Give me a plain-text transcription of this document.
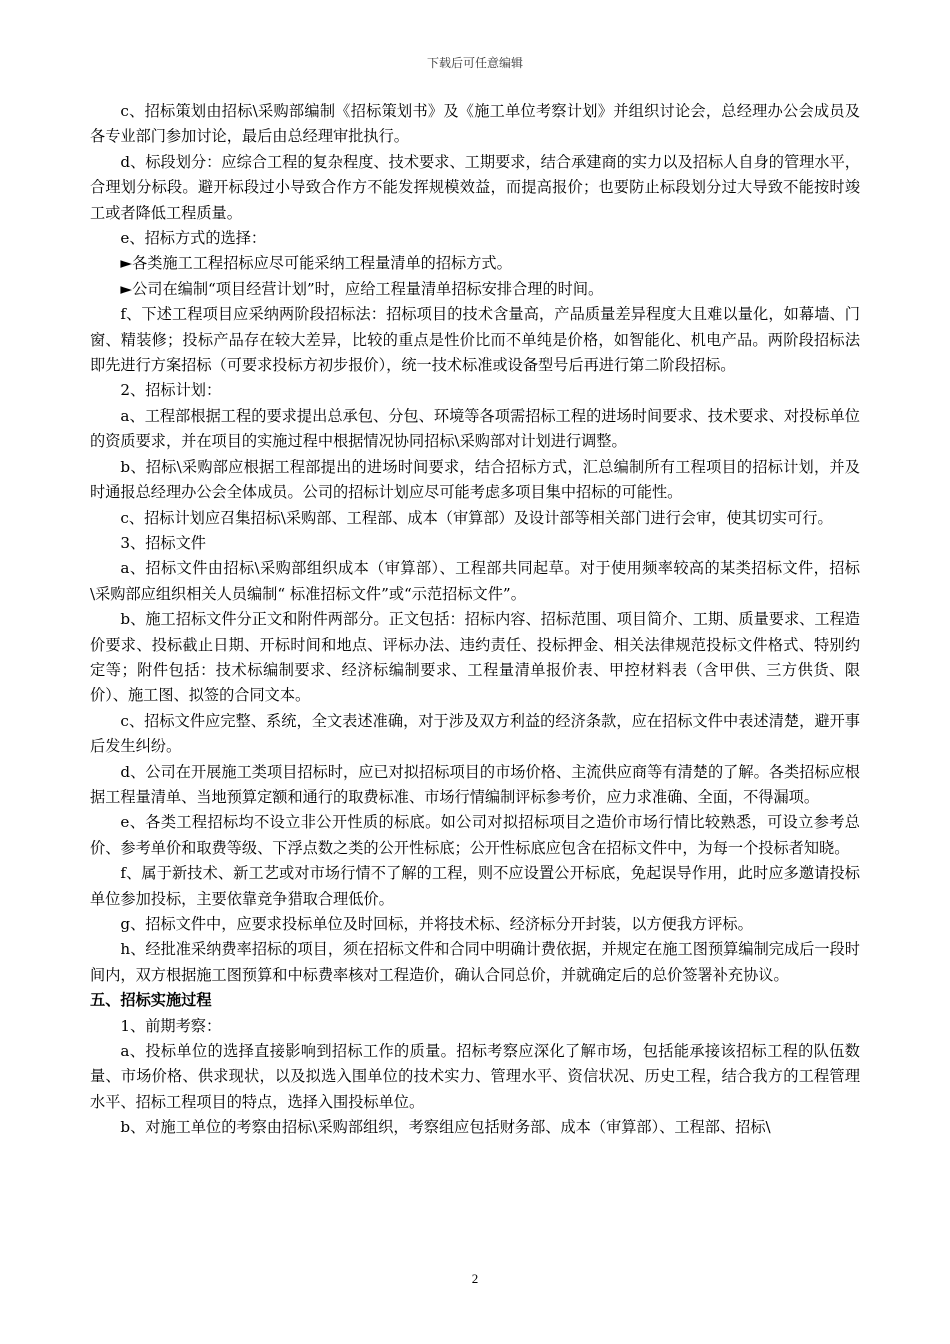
下载后可任意编辑

c、招标策划由招标\采购部编制《招标策划书》及《施工单位考察计划》并组织讨论会，总经理办公会成员及各专业部门参加讨论，最后由总经理审批执行。

d、标段划分：应综合工程的复杂程度、技术要求、工期要求，结合承建商的实力以及招标人自身的管理水平，合理划分标段。避开标段过小导致合作方不能发挥规模效益，而提高报价；也要防止标段划分过大导致不能按时竣工或者降低工程质量。

e、招标方式的选择：

►各类施工工程招标应尽可能采纳工程量清单的招标方式。

►公司在编制“项目经营计划”时，应给工程量清单招标安排合理的时间。

f、下述工程项目应采纳两阶段招标法：招标项目的技术含量高，产品质量差异程度大且难以量化，如幕墙、门窗、精装修；投标产品存在较大差异，比较的重点是性价比而不单纯是价格，如智能化、机电产品。两阶段招标法即先进行方案招标（可要求投标方初步报价），统一技术标准或设备型号后再进行第二阶段招标。

2、招标计划：

a、工程部根据工程的要求提出总承包、分包、环境等各项需招标工程的进场时间要求、技术要求、对投标单位的资质要求，并在项目的实施过程中根据情况协同招标\采购部对计划进行调整。

b、招标\采购部应根据工程部提出的进场时间要求，结合招标方式，汇总编制所有工程项目的招标计划，并及时通报总经理办公会全体成员。公司的招标计划应尽可能考虑多项目集中招标的可能性。

c、招标计划应召集招标\采购部、工程部、成本（审算部）及设计部等相关部门进行会审，使其切实可行。

3、招标文件

a、招标文件由招标\采购部组织成本（审算部）、工程部共同起草。对于使用频率较高的某类招标文件，招标\采购部应组织相关人员编制“ 标准招标文件”或“示范招标文件”。

b、施工招标文件分正文和附件两部分。正文包括：招标内容、招标范围、项目简介、工期、质量要求、工程造价要求、投标截止日期、开标时间和地点、评标办法、违约责任、投标押金、相关法律规范投标文件格式、特别约定等；附件包括：技术标编制要求、经济标编制要求、工程量清单报价表、甲控材料表（含甲供、三方供货、限价）、施工图、拟签的合同文本。

c、招标文件应完整、系统，全文表述准确，对于涉及双方利益的经济条款，应在招标文件中表述清楚，避开事后发生纠纷。

d、公司在开展施工类项目招标时，应已对拟招标项目的市场价格、主流供应商等有清楚的了解。各类招标应根据工程量清单、当地预算定额和通行的取费标准、市场行情编制评标参考价，应力求准确、全面，不得漏项。

e、各类工程招标均不设立非公开性质的标底。如公司对拟招标项目之造价市场行情比较熟悉，可设立参考总价、参考单价和取费等级、下浮点数之类的公开性标底；公开性标底应包含在招标文件中，为每一个投标者知晓。

f、属于新技术、新工艺或对市场行情不了解的工程，则不应设置公开标底，免起误导作用，此时应多邀请投标单位参加投标，主要依靠竞争猎取合理低价。

g、招标文件中，应要求投标单位及时回标，并将技术标、经济标分开封装，以方便我方评标。

h、经批准采纳费率招标的项目，须在招标文件和合同中明确计费依据，并规定在施工图预算编制完成后一段时间内，双方根据施工图预算和中标费率核对工程造价，确认合同总价，并就确定后的总价签署补充协议。

五、招标实施过程

1、前期考察：

a、投标单位的选择直接影响到招标工作的质量。招标考察应深化了解市场，包括能承接该招标工程的队伍数量、市场价格、供求现状，以及拟选入围单位的技术实力、管理水平、资信状况、历史工程，结合我方的工程管理水平、招标工程项目的特点，选择入围投标单位。

b、对施工单位的考察由招标\采购部组织，考察组应包括财务部、成本（审算部）、工程部、招标\

2
